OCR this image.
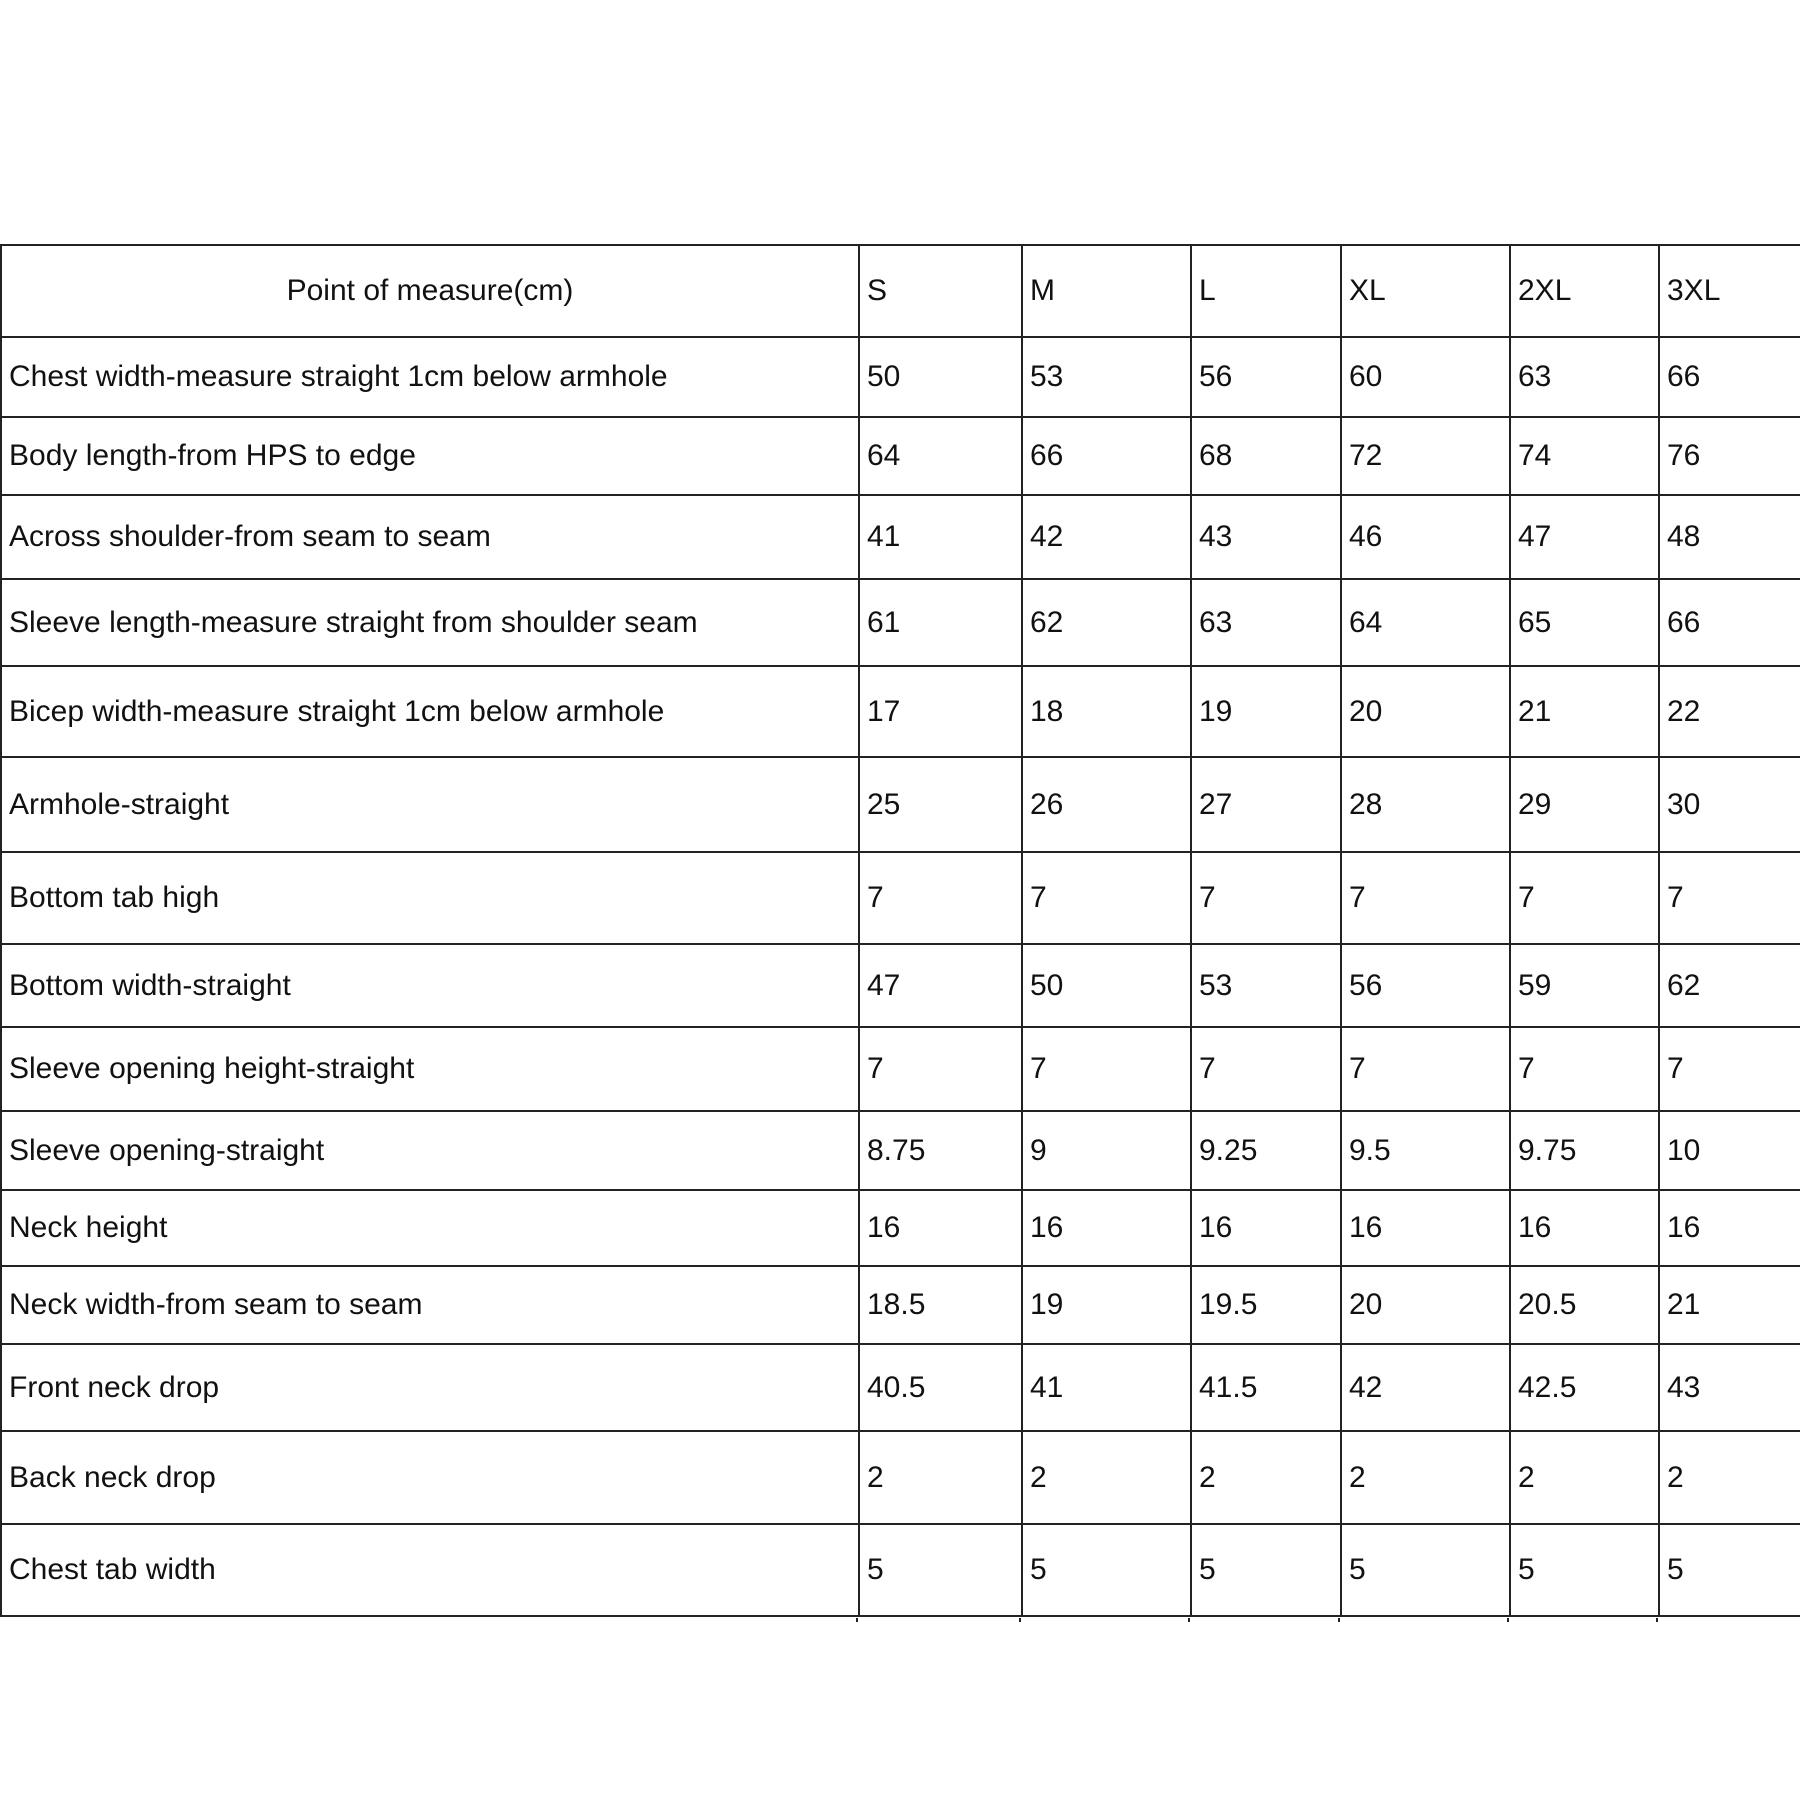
Point of measure(cm)	S	M	L	XL	2XL	3XL
Chest width-measure straight 1cm below armhole	50	53	56	60	63	66
Body length-from HPS to edge	64	66	68	72	74	76
Across shoulder-from seam to seam	41	42	43	46	47	48
Sleeve length-measure straight from shoulder seam	61	62	63	64	65	66
Bicep width-measure straight 1cm below armhole	17	18	19	20	21	22
Armhole-straight	25	26	27	28	29	30
Bottom tab high	7	7	7	7	7	7
Bottom width-straight	47	50	53	56	59	62
Sleeve opening height-straight	7	7	7	7	7	7
Sleeve opening-straight	8.75	9	9.25	9.5	9.75	10
Neck height	16	16	16	16	16	16
Neck width-from seam to seam	18.5	19	19.5	20	20.5	21
Front neck drop	40.5	41	41.5	42	42.5	43
Back neck drop	2	2	2	2	2	2
Chest tab width	5	5	5	5	5	5
